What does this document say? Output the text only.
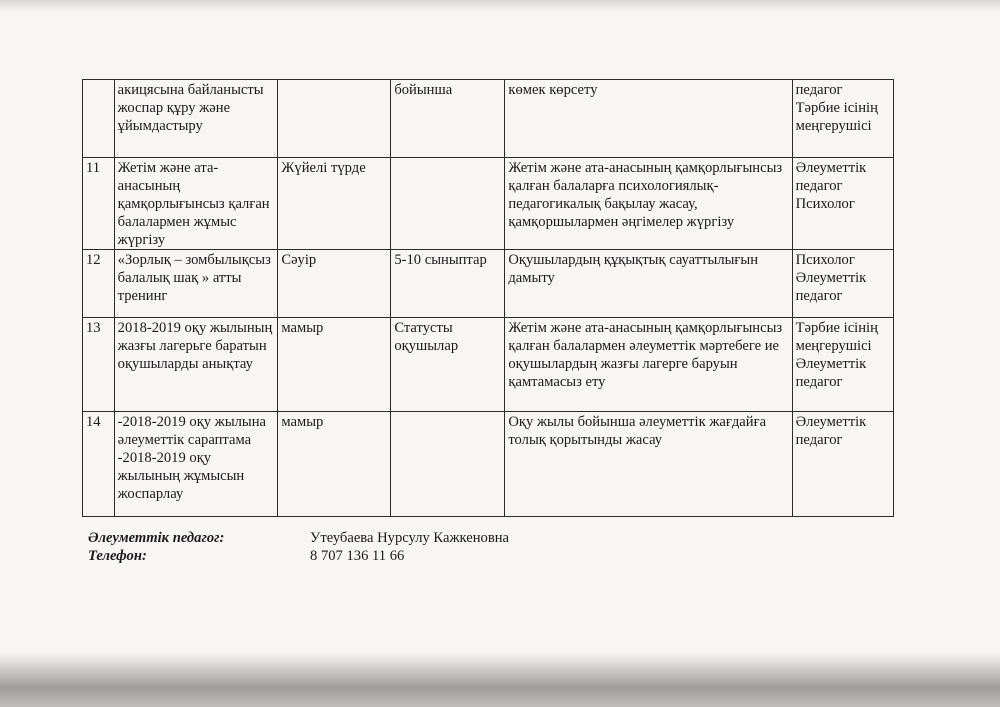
	акицясына байланысты жоспар құру және ұйымдастыру		бойынша	көмек көрсету	педагог Тәрбие ісінің меңгерушісі
11	Жетім және ата-анасының қамқорлығынсыз қалған балалармен жұмыс жүргізу	Жүйелі түрде		Жетім және ата-анасының қамқорлығынсыз қалған балаларға психологиялық-педагогикалық бақылау жасау, қамқоршылармен әңгімелер жүргізу	Әлеуметтік педагог Психолог
12	«Зорлық – зомбылықсыз балалық шақ » атты тренинг	Сәуір	5-10 сыныптар	Оқушылардың құқықтық сауаттылығын дамыту	Психолог Әлеуметтік педагог
13	2018-2019 оқу жылының жазғы лагерьге баратын оқушыларды анықтау	мамыр	Статусты оқушылар	Жетім және ата-анасының қамқорлығынсыз қалған балалармен әлеуметтік мәртебеге ие оқушылардың жазғы лагерге баруын қамтамасыз ету	Тәрбие ісінің меңгерушісі Әлеуметтік педагог
14	-2018-2019 оқу жылына әлеуметтік сараптама -2018-2019 оқу жылының жұмысын жоспарлау	мамыр		Оқу жылы бойынша әлеуметтік жағдайға толық қорытынды жасау	Әлеуметтік педагог
Әлеуметтік педагог:	Утеубаева Нурсулу Кажкеновна
Телефон:	8 707 136 11 66
